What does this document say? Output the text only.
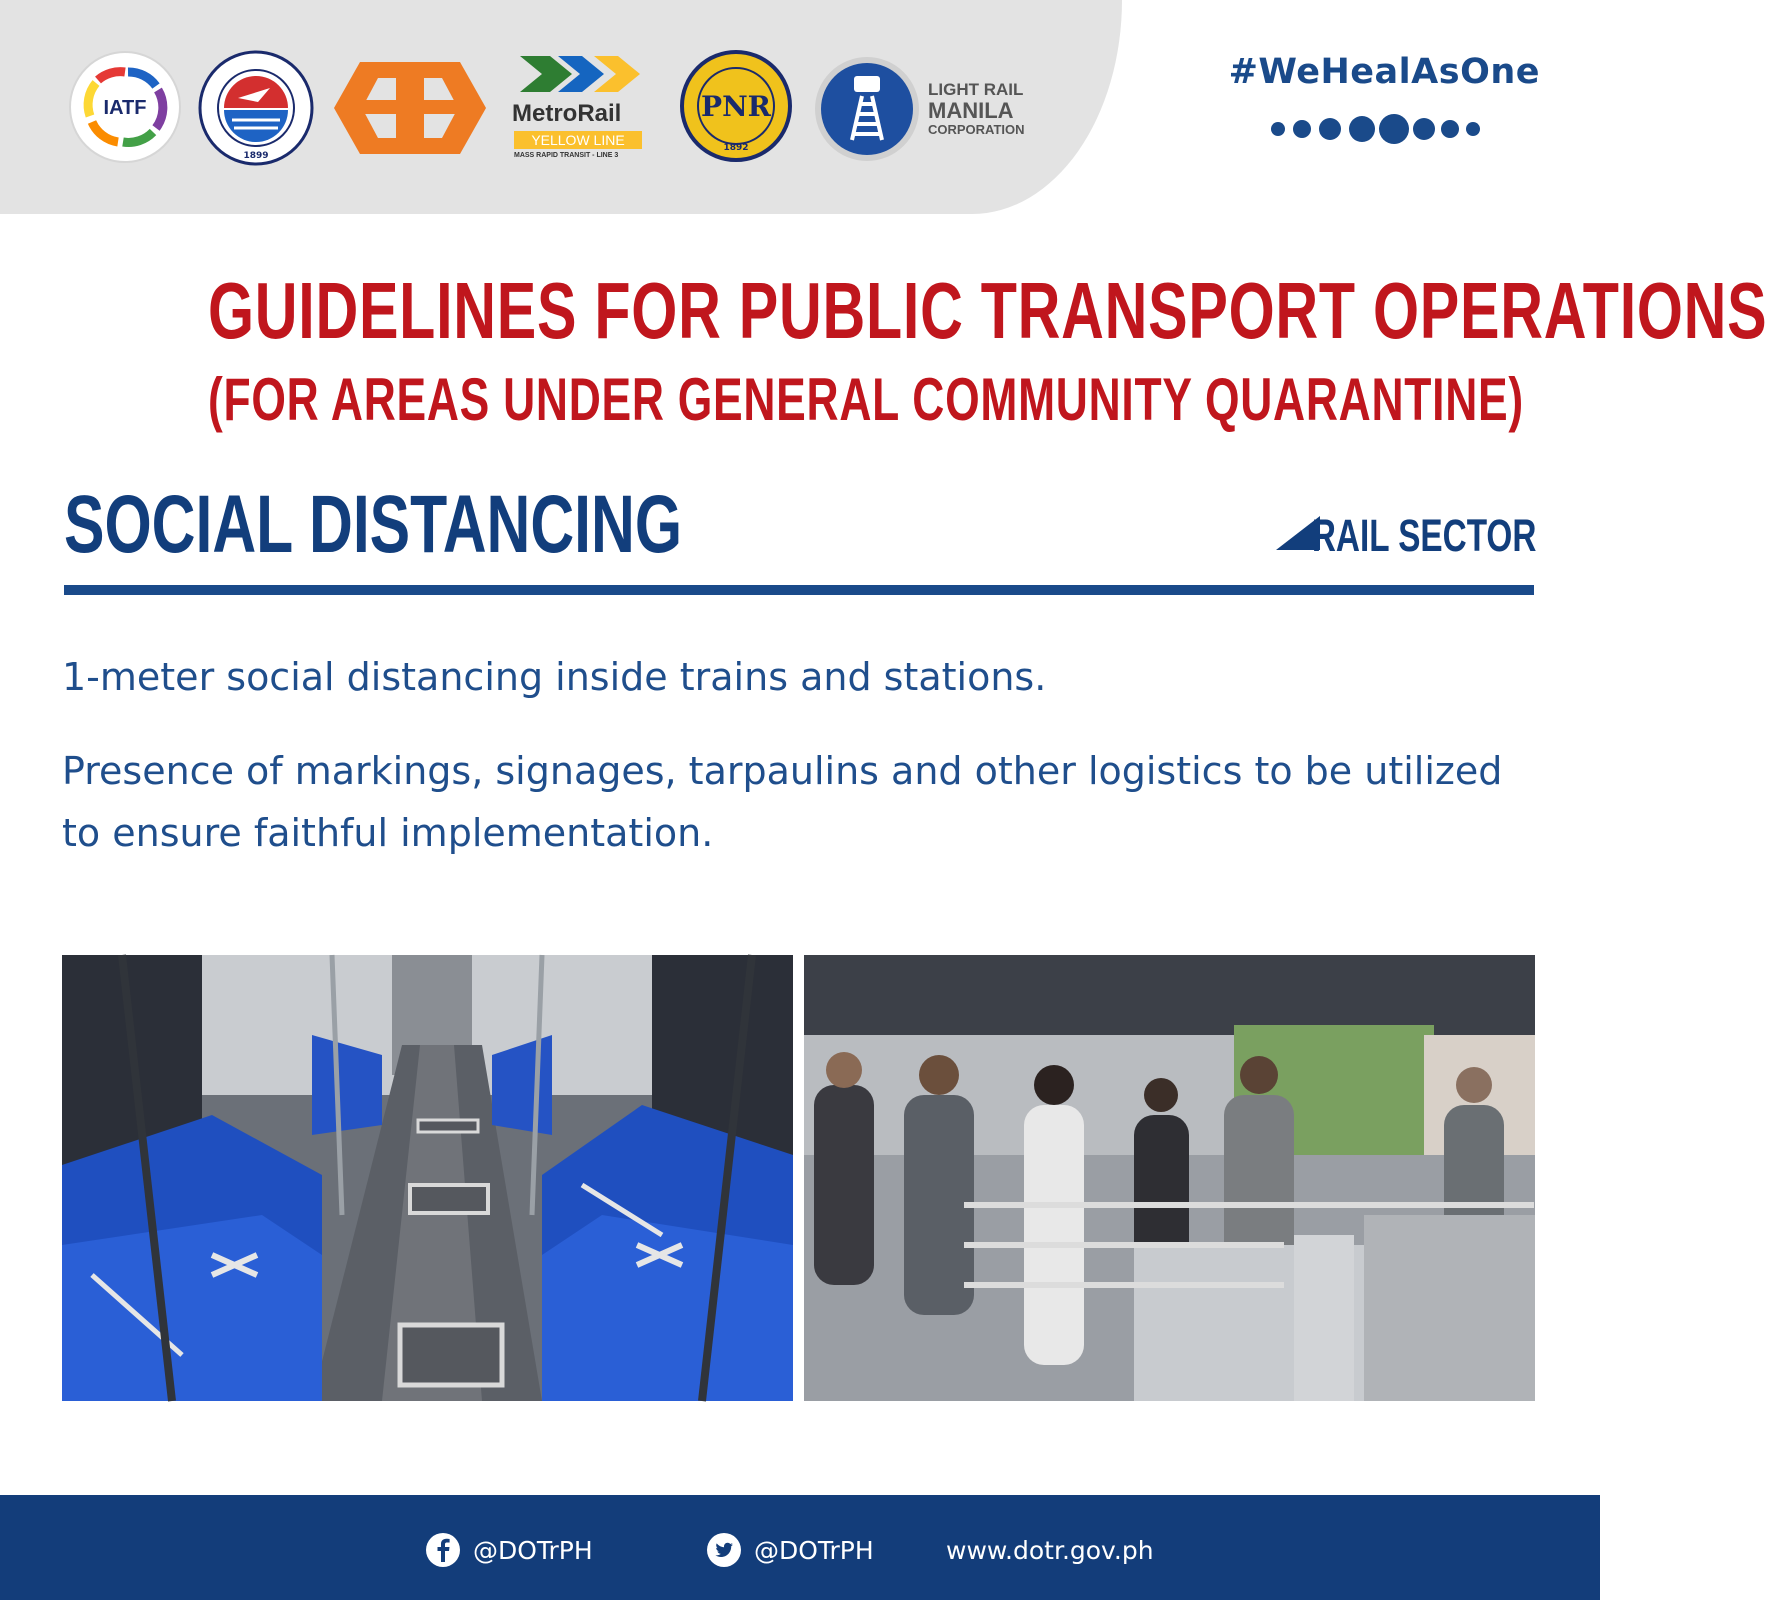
IATF
1899
MetroRail
YELLOW LINE
MASS RAPID TRANSIT - LINE 3
PNR
1892
LIGHT RAIL
MANILA
CORPORATION
#WeHealAsOne
GUIDELINES FOR PUBLIC TRANSPORT OPERATIONS
(FOR AREAS UNDER GENERAL COMMUNITY QUARANTINE)
SOCIAL DISTANCING	RAIL SECTOR
1-meter social distancing inside trains and stations.
Presence of markings, signages, tarpaulins and other logistics to be utilized to ensure faithful implementation.
@DOTrPH	@DOTrPH	www.dotr.gov.ph
